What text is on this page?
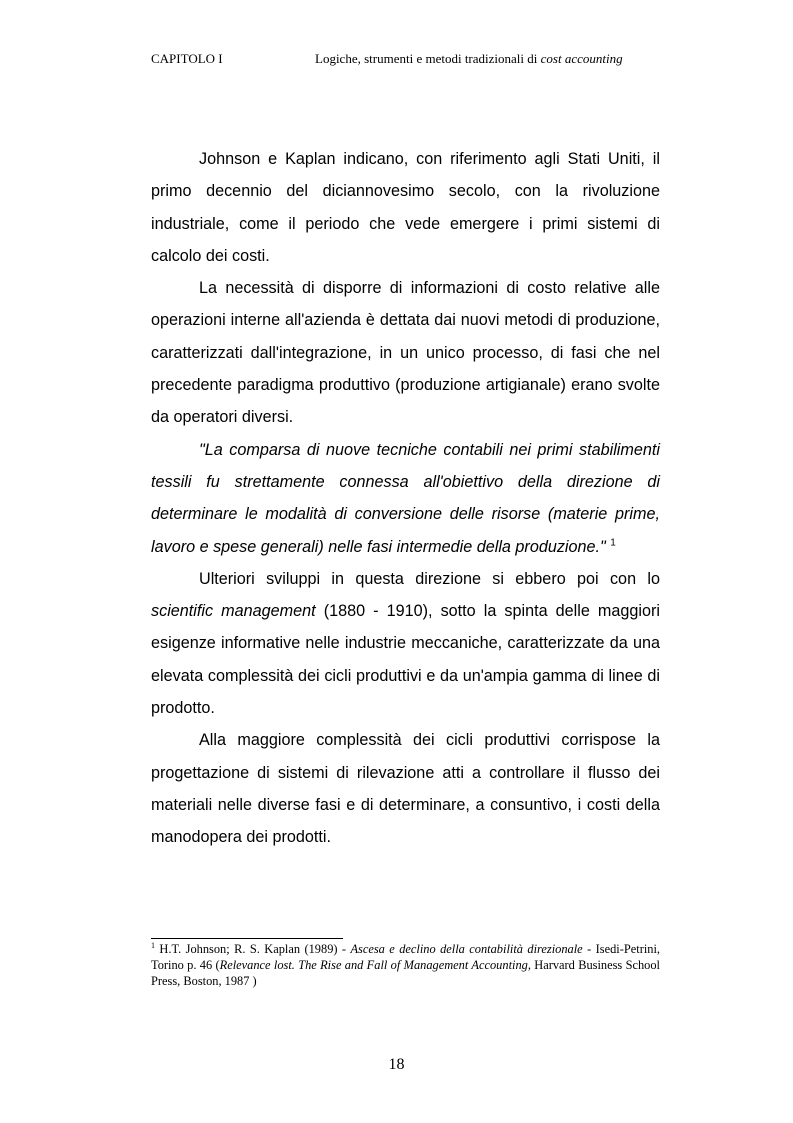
CAPITOLO I	Logiche, strumenti e metodi tradizionali di cost accounting

Johnson e Kaplan indicano, con riferimento agli Stati Uniti, il primo decennio del diciannovesimo secolo, con la rivoluzione industriale, come il periodo che vede emergere i primi sistemi di calcolo dei costi.

La necessità di disporre di informazioni di costo relative alle operazioni interne all'azienda è dettata dai nuovi metodi di produzione, caratterizzati dall'integrazione, in un unico processo, di fasi che nel precedente paradigma produttivo (produzione artigianale) erano svolte da operatori diversi.

"La comparsa di nuove tecniche contabili nei primi stabilimenti tessili fu strettamente connessa all'obiettivo della direzione di determinare le modalità di conversione delle risorse (materie prime, lavoro e spese generali) nelle fasi intermedie della produzione." $^1$

Ulteriori sviluppi in questa direzione si ebbero poi con lo scientific management (1880 - 1910), sotto la spinta delle maggiori esigenze informative nelle industrie meccaniche, caratterizzate da una elevata complessità dei cicli produttivi e da un'ampia gamma di linee di prodotto.

Alla maggiore complessità dei cicli produttivi corrispose la progettazione di sistemi di rilevazione atti a controllare il flusso dei materiali nelle diverse fasi e di determinare, a consuntivo, i costi della manodopera dei prodotti.

$^1$ H.T. Johnson; R. S. Kaplan (1989) - Ascesa e declino della contabilità direzionale - Isedi-Petrini, Torino p. 46 (Relevance lost. The Rise and Fall of Management Accounting, Harvard Business School Press, Boston, 1987 )
18
